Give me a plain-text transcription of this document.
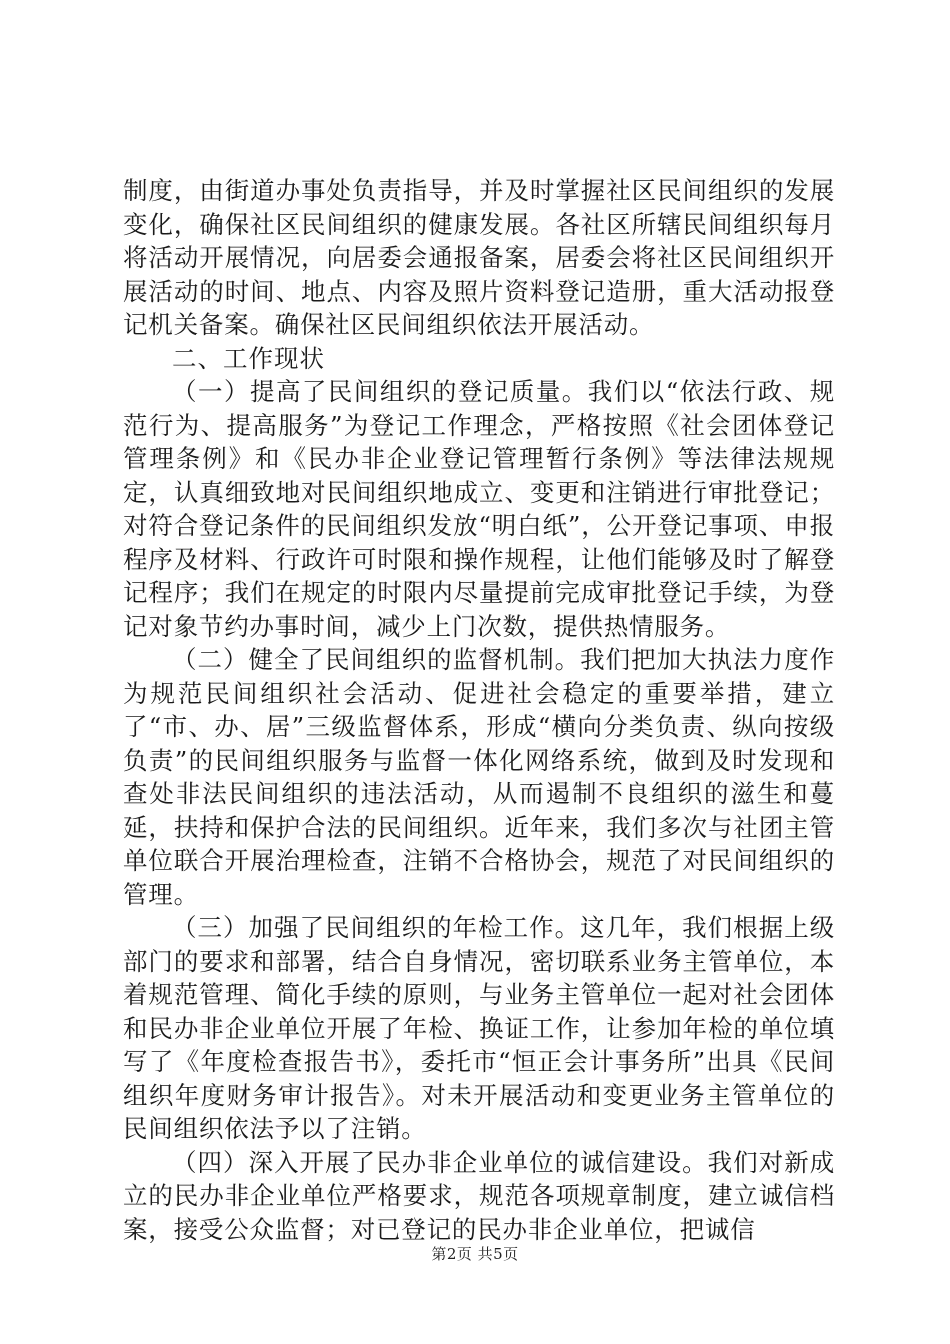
制度，由街道办事处负责指导，并及时掌握社区民间组织的发展变化，确保社区民间组织的健康发展。各社区所辖民间组织每月将活动开展情况，向居委会通报备案，居委会将社区民间组织开展活动的时间、地点、内容及照片资料登记造册，重大活动报登记机关备案。确保社区民间组织依法开展活动。

二、工作现状

（一）提高了民间组织的登记质量。我们以“依法行政、规范行为、提高服务”为登记工作理念，严格按照《社会团体登记管理条例》和《民办非企业登记管理暂行条例》等法律法规规定，认真细致地对民间组织地成立、变更和注销进行审批登记；对符合登记条件的民间组织发放“明白纸”，公开登记事项、申报程序及材料、行政许可时限和操作规程，让他们能够及时了解登记程序；我们在规定的时限内尽量提前完成审批登记手续，为登记对象节约办事时间，减少上门次数，提供热情服务。

（二）健全了民间组织的监督机制。我们把加大执法力度作为规范民间组织社会活动、促进社会稳定的重要举措，建立了“市、办、居”三级监督体系，形成“横向分类负责、纵向按级负责”的民间组织服务与监督一体化网络系统，做到及时发现和查处非法民间组织的违法活动，从而遏制不良组织的滋生和蔓延，扶持和保护合法的民间组织。近年来，我们多次与社团主管单位联合开展治理检查，注销不合格协会，规范了对民间组织的管理。

（三）加强了民间组织的年检工作。这几年，我们根据上级部门的要求和部署，结合自身情况，密切联系业务主管单位，本着规范管理、简化手续的原则，与业务主管单位一起对社会团体和民办非企业单位开展了年检、换证工作，让参加年检的单位填写了《年度检查报告书》，委托市“恒正会计事务所”出具《民间组织年度财务审计报告》。对未开展活动和变更业务主管单位的民间组织依法予以了注销。

（四）深入开展了民办非企业单位的诚信建设。我们对新成立的民办非企业单位严格要求，规范各项规章制度，建立诚信档案，接受公众监督；对已登记的民办非企业单位，把诚信

第2页 共5页
